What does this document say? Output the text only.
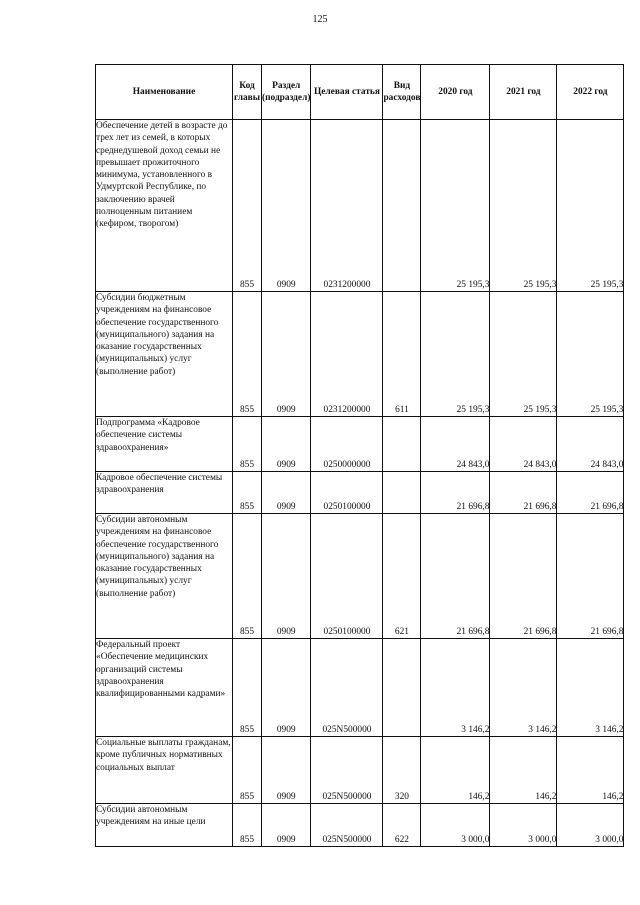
125
Наименование	Код главы	Раздел (подраздел)	Целевая статья	Вид расходов	2020 год	2021 год	2022 год
Обеспечение детей в возрасте до трех лет из семей, в которых среднедушевой доход семьи не превышает прожиточного минимума, установленного в Удмуртской Республике, по заключению врачей полноценным питанием (кефиром, творогом)	855	0909	0231200000		25 195,3	25 195,3	25 195,3
Субсидии бюджетным учреждениям на финансовое обеспечение государственного (муниципального) задания на оказание государственных (муниципальных) услуг (выполнение работ)	855	0909	0231200000	611	25 195,3	25 195,3	25 195,3
Подпрограмма «Кадровое обеспечение системы здравоохранения»	855	0909	0250000000		24 843,0	24 843,0	24 843,0
Кадровое обеспечение системы здравоохранения	855	0909	0250100000		21 696,8	21 696,8	21 696,8
Субсидии автономным учреждениям на финансовое обеспечение государственного (муниципального) задания на оказание государственных (муниципальных) услуг (выполнение работ)	855	0909	0250100000	621	21 696,8	21 696,8	21 696,8
Федеральный проект «Обеспечение медицинских организаций системы здравоохранения квалифицированными кадрами»	855	0909	025N500000		3 146,2	3 146,2	3 146,2
Социальные выплаты гражданам, кроме публичных нормативных социальных выплат	855	0909	025N500000	320	146,2	146,2	146,2
Субсидии автономным учреждениям на иные цели	855	0909	025N500000	622	3 000,0	3 000,0	3 000,0
